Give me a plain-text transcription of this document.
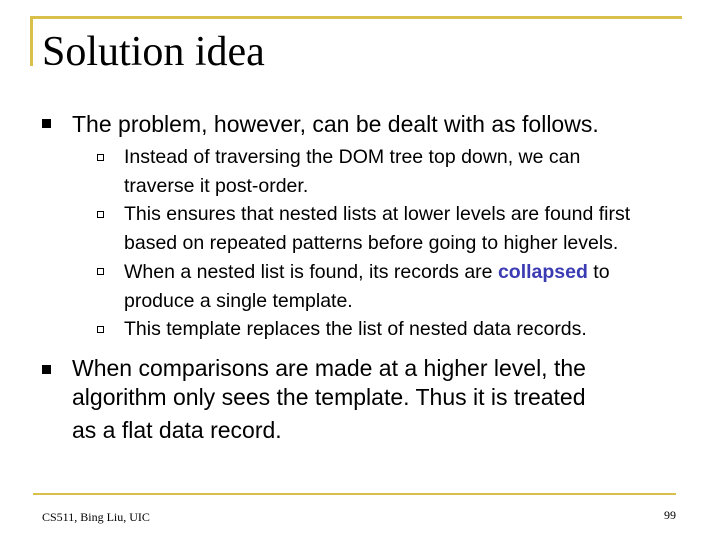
Solution idea
The problem, however, can be dealt with as follows.
Instead of traversing the DOM tree top down, we can
traverse it post-order.
This ensures that nested lists at lower levels are found first
based on repeated patterns before going to higher levels.
When a nested list is found, its records are collapsed to
produce a single template.
This template replaces the list of nested data records.
When comparisons are made at a higher level, the
algorithm only sees the template. Thus it is treated
as a flat data record.
CS511, Bing Liu, UIC	99
